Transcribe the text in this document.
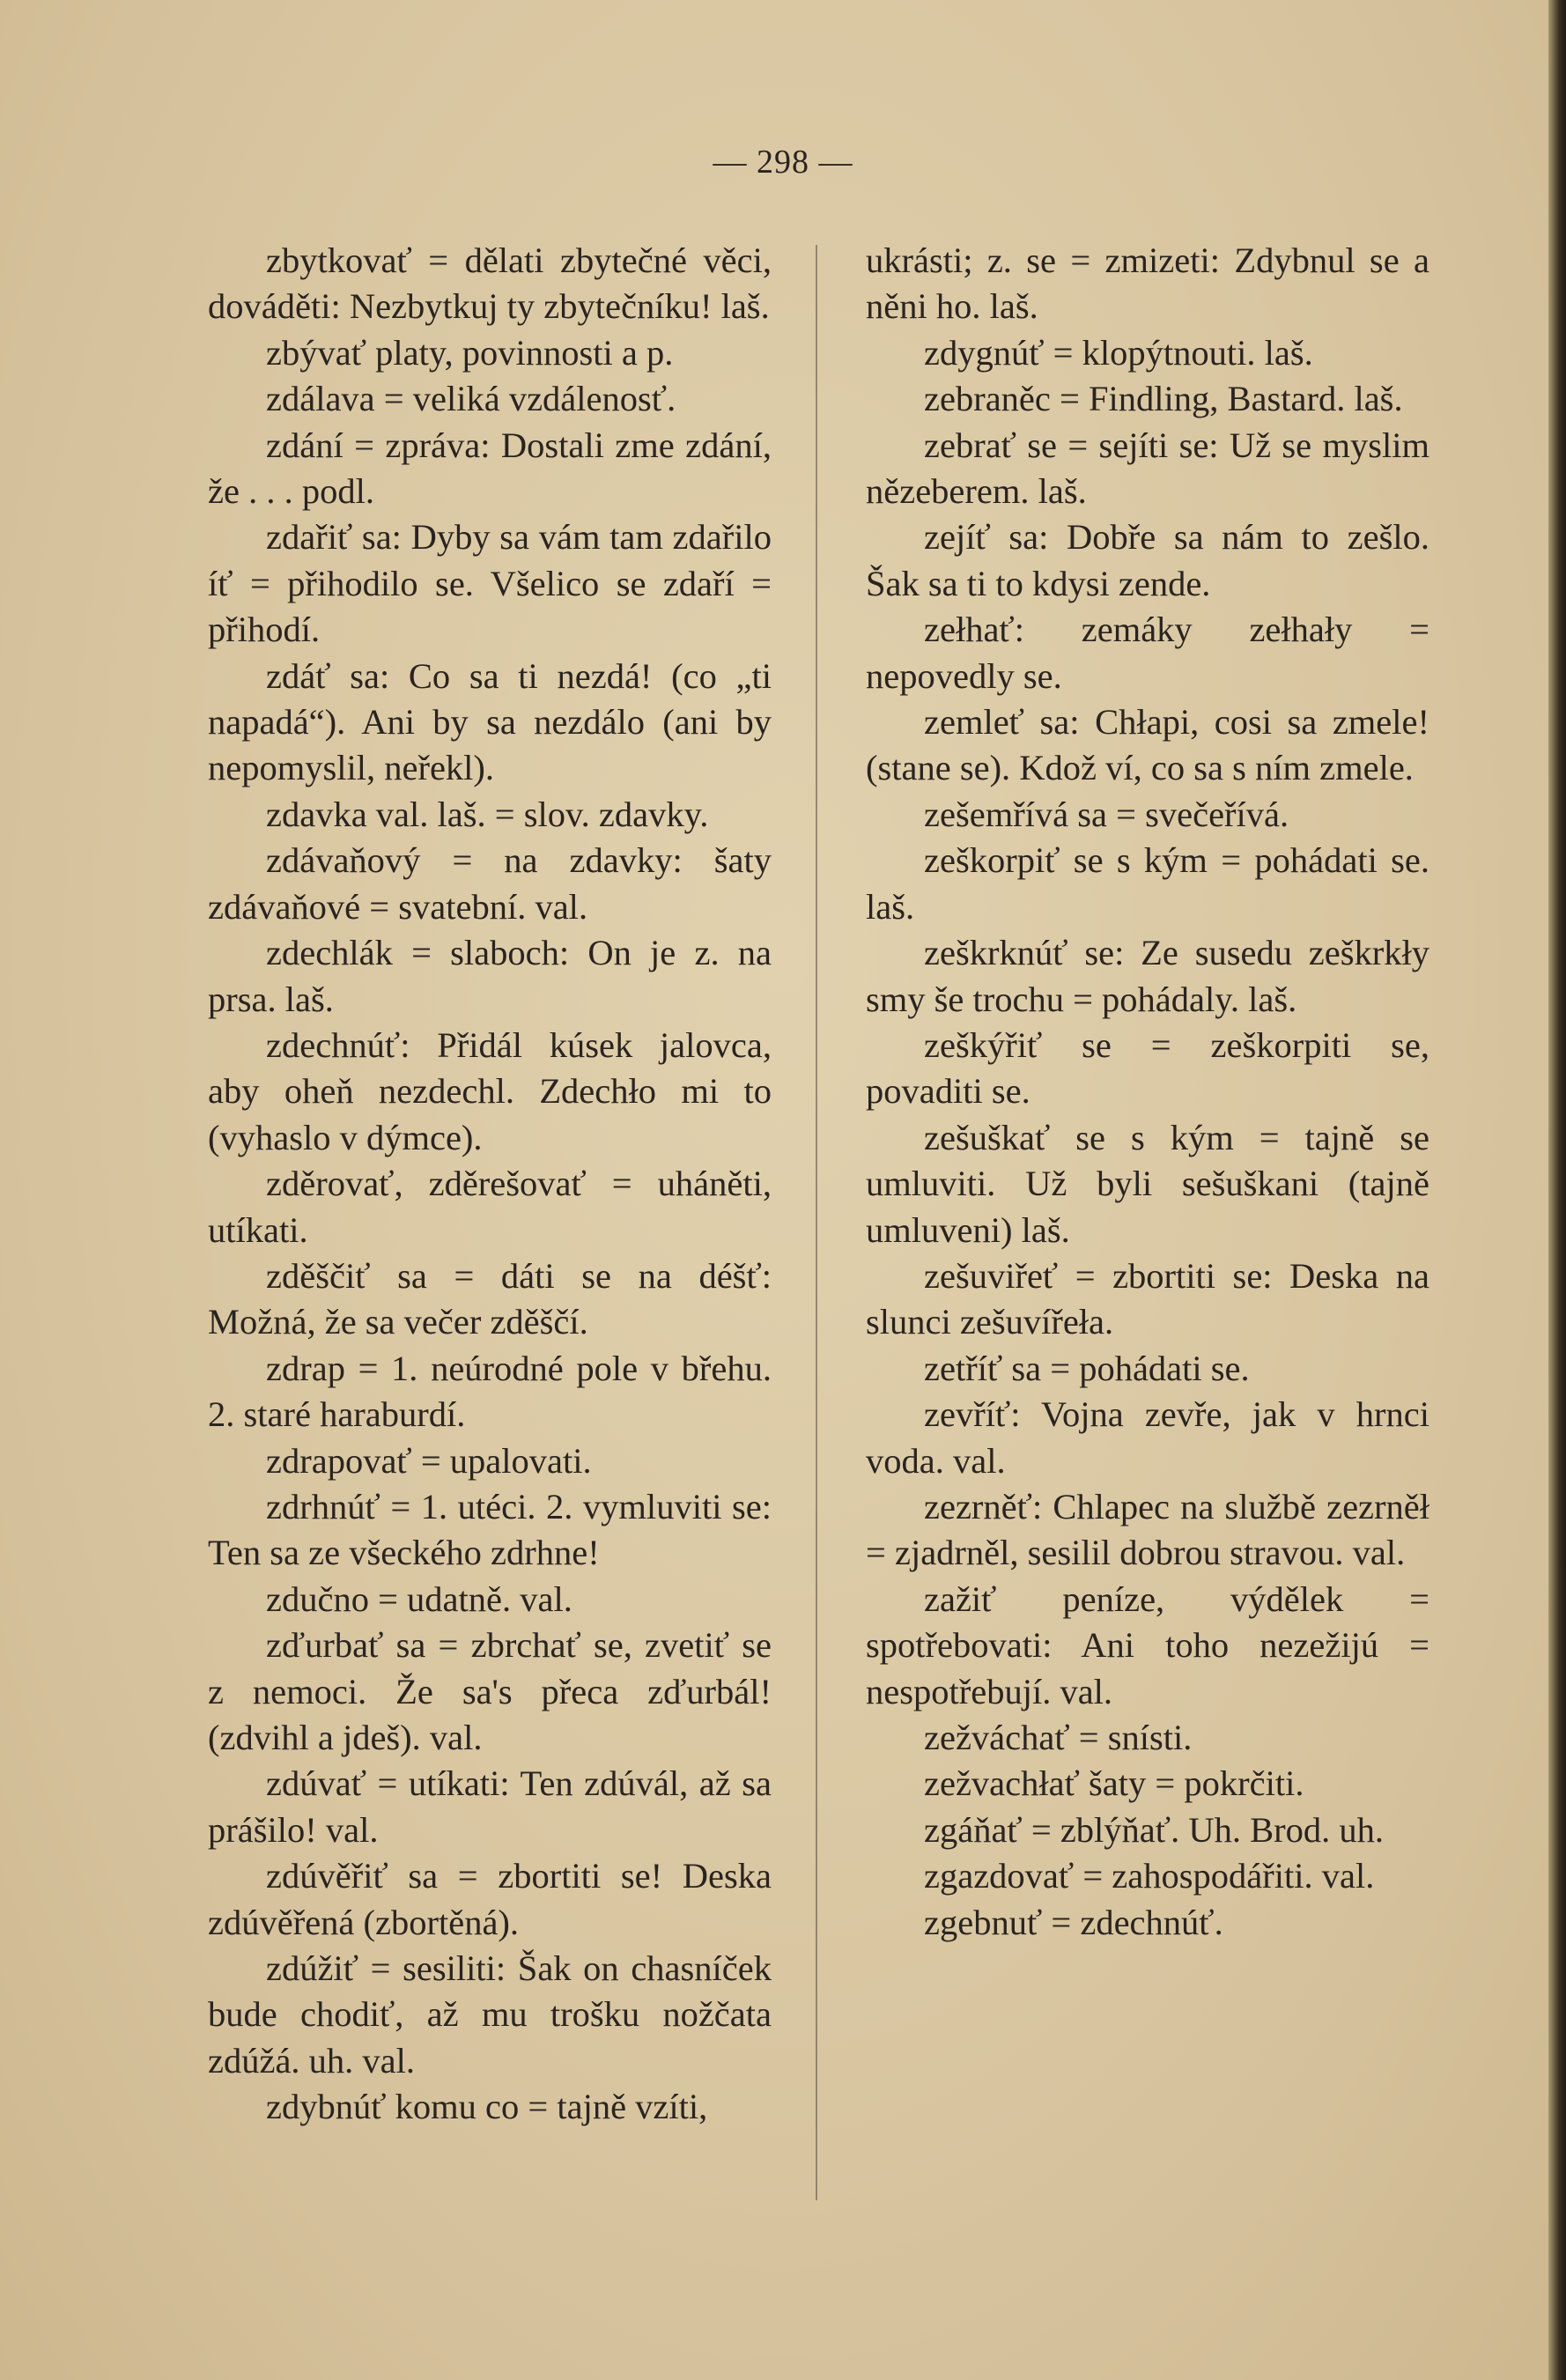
— 298 —

zbytkovať = dělati zbytečné věci, dováděti: Nezbytkuj ty zbytečníku! laš.

zbývať platy, povinnosti a p.

zdálava = veliká vzdálenosť.

zdání = zpráva: Dostali zme zdání, že . . . podl.

zdařiť sa: Dyby sa vám tam zdařilo íť = přihodilo se. Všelico se zdaří = přihodí.

zdáť sa: Co sa ti nezdá! (co „ti napadá“). Ani by sa nezdálo (ani by nepomyslil, neřekl).

zdavka val. laš. = slov. zdavky.

zdávaňový = na zdavky: šaty zdávaňové = svatební. val.

zdechlák = slaboch: On je z. na prsa. laš.

zdechnúť: Přidál kúsek jalovca, aby oheň nezdechl. Zdechło mi to (vyhaslo v dýmce).

zděrovať, zděrešovať = uháněti, utíkati.

zděščiť sa = dáti se na déšť: Možná, že sa večer zděščí.

zdrap = 1. neúrodné pole v břehu. 2. staré haraburdí.

zdrapovať = upalovati.

zdrhnúť = 1. utéci. 2. vymluviti se: Ten sa ze všeckého zdrhne!

zdučno = udatně. val.

zďurbať sa = zbrchať se, zvetiť se z nemoci. Že sa's přeca zďurbál! (zdvihl a jdeš). val.

zdúvať = utíkati: Ten zdúvál, až sa prášilo! val.

zdúvěřiť sa = zbortiti se! Deska zdúvěřená (zbortěná).

zdúžiť = sesiliti: Šak on chasníček bude chodiť, až mu trošku nožčata zdúžá. uh. val.

zdybnúť komu co = tajně vzíti,

ukrásti; z. se = zmizeti: Zdybnul se a něni ho. laš.

zdygnúť = klopýtnouti. laš.

zebraněc = Findling, Bastard. laš.

zebrať se = sejíti se: Už se myslim nězeberem. laš.

zejíť sa: Dobře sa nám to zešlo. Šak sa ti to kdysi zende.

zełhať: zemáky zełhały = nepovedly se.

zemleť sa: Chłapi, cosi sa zmele! (stane se). Kdož ví, co sa s ním zmele.

zešemřívá sa = svečeřívá.

zeškorpiť se s kým = pohádati se. laš.

zeškrknúť se: Ze susedu zeškrkły smy še trochu = pohádaly. laš.

zeškýřiť se = zeškorpiti se, povaditi se.

zešuškať se s kým = tajně se umluviti. Už byli sešuškani (tajně umluveni) laš.

zešuviřeť = zbortiti se: Deska na slunci zešuvířeła.

zetříť sa = pohádati se.

zevříť: Vojna zevře, jak v hrnci voda. val.

zezrněť: Chlapec na službě zezrněł = zjadrněl, sesilil dobrou stravou. val.

zažiť peníze, výdělek = spotřebovati: Ani toho nezežijú = nespotřebují. val.

zežváchať = snísti.

zežvachłať šaty = pokrčiti.

zgáňať = zblýňať. Uh. Brod. uh.

zgazdovať = zahospodářiti. val.

zgebnuť = zdechnúť.
